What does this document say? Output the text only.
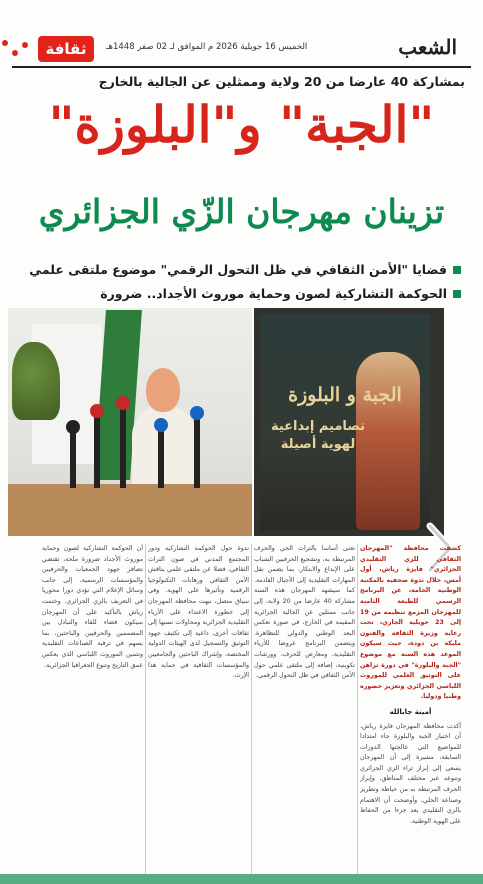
ثقافة	الخميس 16 جويلية 2026 م الموافق لـ 02 صفر 1448هـ	الشعب
بمشاركة 40 عارضا من 20 ولاية وممثلين عن الجالية بالخارج
"الجبة" و"البلوزة"
تزينان مهرجان الزّي الجزائري
قضايا "الأمن الثقافي في ظل التحول الرقمي" موضوع ملتقى علمي
الحوكمة التشاركية لصون وحماية موروث الأجداد.. ضرورة
الجبة و البلوزة
تصاميم إبداعية لهوية أصيلة

كشفت محافظة "المهرجان الثقافي للزي التقليدي الجزائري" فايزة رياش، أول أمس، خلال ندوة صحفية بالمكتبة الوطنية الحامة، عن البرنامج الرسمي للطبعة الثامنة للمهرجان المزمع تنظيمه من 19 إلى 23 جويلية الجاري، تحت رعاية وزيرة الثقافة والفنون مليكة بن دودة، حيث سيكون الموعد هذه السنة مع موضوع "الجبة والبلوزة" في دورة تراهن على التوثيق العلمي للموروث اللباسي الجزائري وتعزيز حضوره وطنيا ودوليا.

أمينة جابالله

أكدت محافظة المهرجان فايزة رياش، أن اختيار الجبة والبلوزة جاء امتدادا للمواضيع التي عالجتها الدورات السابقة، مشيرة إلى أن المهرجان يسعى إلى إبراز ثراء الزي الجزائري وتنوعه عبر مختلف المناطق، وإبراز الحرف المرتبطة به من خياطة وتطريز وصناعة الحلي، وأوضحت أن الاهتمام بالزي التقليدي يعد جزءا من الحفاظ على الهوية الوطنية.

تعنى أساسا بالتراث الحي والحرف المرتبطة به، وتشجيع الحرفيين الشباب على الإبداع والابتكار، بما يضمن نقل المهارات التقليدية إلى الأجيال القادمة. كما سيشهد المهرجان هذه السنة مشاركة 40 عارضا من 20 ولاية، إلى جانب ممثلين عن الجالية الجزائرية المقيمة في الخارج، في صورة تعكس البعد الوطني والدولي للتظاهرة. ويتضمن البرنامج عروضا للأزياء التقليدية، ومعارض للحرف، وورشات تكوينية، إضافة إلى ملتقى علمي حول الأمن الثقافي في ظل التحول الرقمي.

ندوة حول الحوكمة التشاركية ودور المجتمع المدني في صون التراث الثقافي، فضلا عن ملتقى علمي يناقش الأمن الثقافي ورهانات التكنولوجيا الرقمية وتأثيرها على الهوية. وفي سياق متصل، نبهت محافظة المهرجان إلى خطورة الاعتداء على الأزياء التقليدية الجزائرية ومحاولات نسبها إلى ثقافات أخرى، داعية إلى تكثيف جهود التوثيق والتسجيل لدى الهيئات الدولية المختصة، وإشراك الباحثين والجامعيين والمؤسسات الثقافية في حماية هذا الإرث.

أن الحوكمة التشاركية لصون وحماية موروث الأجداد ضرورة ملحة، تقتضي تضافر جهود الجمعيات والحرفيين والمؤسسات الرسمية، إلى جانب وسائل الإعلام التي تؤدي دورا محوريا في التعريف بالزي الجزائري. وختمت رياش بالتأكيد على أن المهرجان سيكون فضاء للقاء والتبادل بين المصممين والحرفيين والباحثين، بما يسهم في ترقية الصناعات التقليدية وتثمين الموروث اللباسي الذي يعكس عمق التاريخ وتنوع الجغرافيا الجزائرية.
